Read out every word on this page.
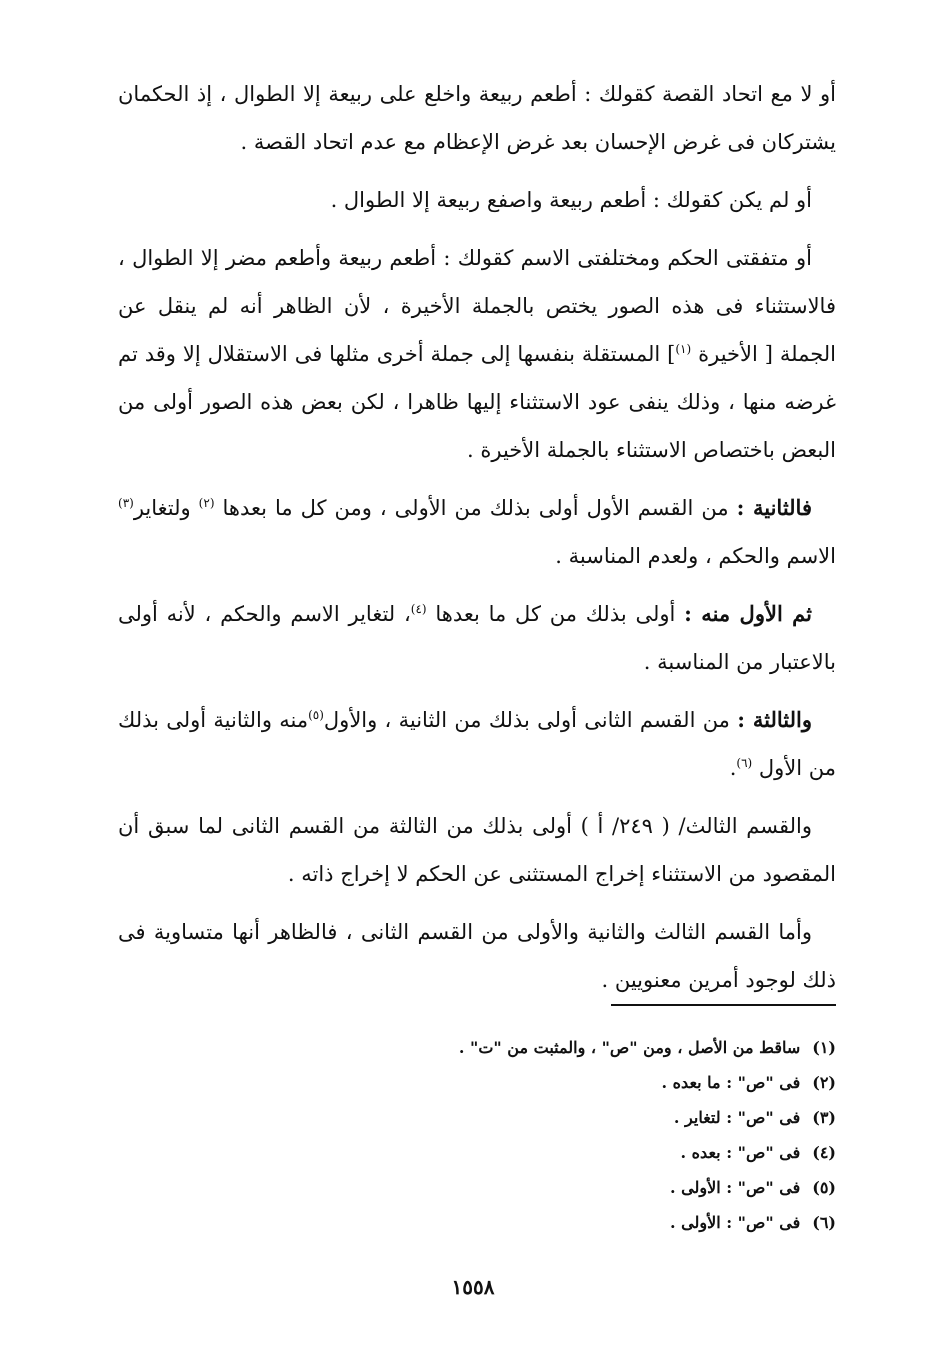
أو لا مع اتحاد القصة كقولك : أطعم ربيعة واخلع على ربيعة إلا الطوال ، إذ الحكمان يشتركان فى غرض الإحسان بعد غرض الإعظام مع عدم اتحاد القصة .

أو لم يكن كقولك : أطعم ربيعة واصفع ربيعة إلا الطوال .

أو متفقتى الحكم ومختلفتى الاسم كقولك : أطعم ربيعة وأطعم مضر إلا الطوال ، فالاستثناء فى هذه الصور يختص بالجملة الأخيرة ، لأن الظاهر أنه لم ينقل عن الجملة [ الأخيرة $^{(١)}$] المستقلة بنفسها إلى جملة أخرى مثلها فى الاستقلال إلا وقد تم غرضه منها ، وذلك ينفى عود الاستثناء إليها ظاهرا ، لكن بعض هذه الصور أولى من البعض باختصاص الاستثناء بالجملة الأخيرة .

فالثانية : من القسم الأول أولى بذلك من الأولى ، ومن كل ما بعدها $^{(٢)}$ ولتغاير$^{(٣)}$ الاسم والحكم ، ولعدم المناسبة .

ثم الأول منه : أولى بذلك من كل ما بعدها $^{(٤)}$، لتغاير الاسم والحكم ، لأنه أولى بالاعتبار من المناسبة .

والثالثة : من القسم الثانى أولى بذلك من الثانية ، والأول$^{(٥)}$منه والثانية أولى بذلك من الأول $^{(٦)}$.

والقسم الثالث/ ( ٢٤٩/ أ ) أولى بذلك من الثالثة من القسم الثانى لما سبق أن المقصود من الاستثناء إخراج المستثنى عن الحكم لا إخراج ذاته .

وأما القسم الثالث والثانية والأولى من القسم الثانى ، فالظاهر أنها متساوية فى ذلك لوجود أمرين معنويين .

(١)ساقط من الأصل ، ومن "ص" ، والمثبت من "ت" .
(٢)فى "ص" : ما بعده .
(٣)فى "ص" : لتغاير .
(٤)فى "ص" : بعده .
(٥)فى "ص" : الأولى .
(٦)فى "ص" : الأولى .
١٥٥٨
